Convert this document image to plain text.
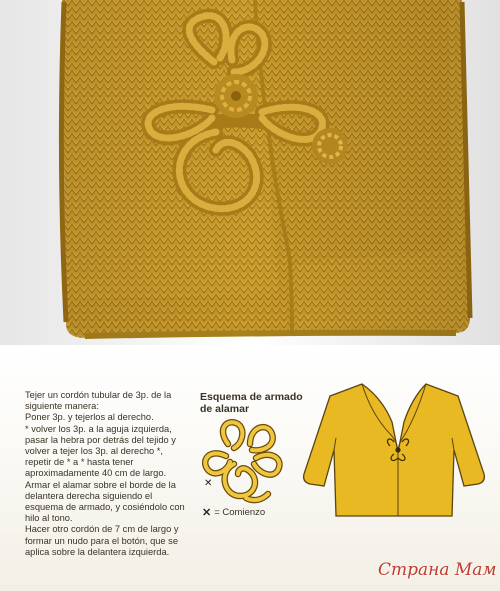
Tejer un cordón tubular de 3p. de la siguiente manera:

Poner 3p. y tejerlos al derecho.

* volver los 3p. a la aguja izquierda, pasar la hebra por detrás del tejido y volver a tejer los 3p. al derecho *, repetir de * a * hasta tener aproximadamente 40 cm de largo.

Armar el alamar sobre el borde de la delantera derecha siguiendo el esquema de armado, y cosiéndolo con hilo al tono.

Hacer otro cordón de 7 cm de largo y formar un nudo para el botón, que se aplica sobre la delantera izquierda.

Esquema de armado de alamar
✕
✕ = Comienzo
Страна Мам
